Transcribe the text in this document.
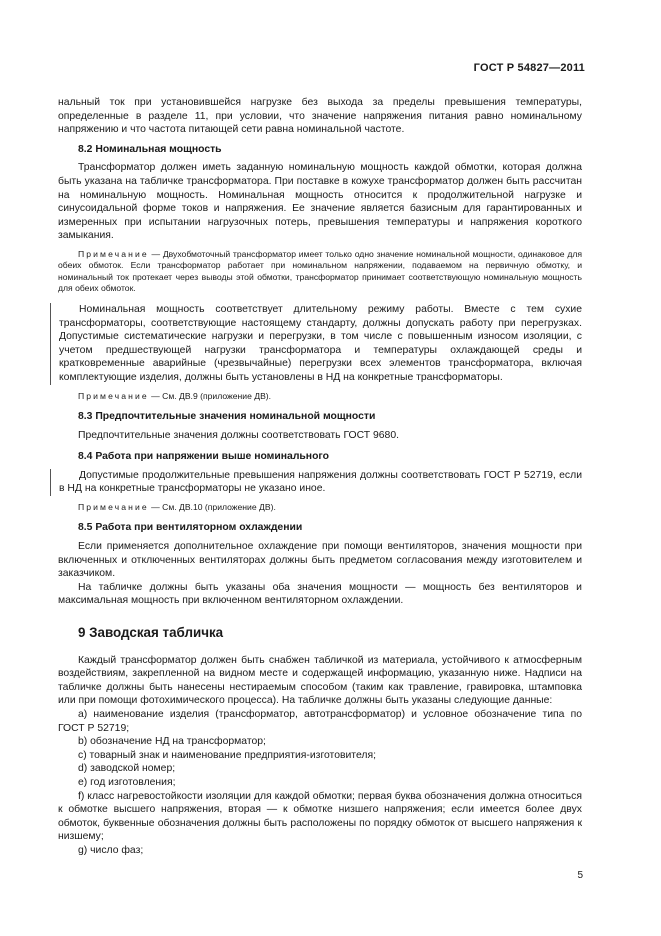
ГОСТ Р 54827—2011

нальный ток при установившейся нагрузке без выхода за пределы превышения температуры, определенные в разделе 11, при условии, что значение напряжения питания равно номинальному напряжению и что частота питающей сети равна номинальной частоте.

8.2 Номинальная мощность

Трансформатор должен иметь заданную номинальную мощность каждой обмотки, которая должна быть указана на табличке трансформатора. При поставке в кожухе трансформатор должен быть рассчитан на номинальную мощность. Номинальная мощность относится к продолжительной нагрузке и синусоидальной форме токов и напряжения. Ее значение является базисным для гарантированных и измеренных при испытании нагрузочных потерь, превышения температуры и напряжения короткого замыкания.

Примечание — Двухобмоточный трансформатор имеет только одно значение номинальной мощности, одинаковое для обеих обмоток. Если трансформатор работает при номинальном напряжении, подаваемом на первичную обмотку, и номинальный ток протекает через выводы этой обмотки, трансформатор принимает соответствующую номинальную мощность для обеих обмоток.

Номинальная мощность соответствует длительному режиму работы. Вместе с тем сухие трансформаторы, соответствующие настоящему стандарту, должны допускать работу при перегрузках. Допустимые систематические нагрузки и перегрузки, в том числе с повышенным износом изоляции, с учетом предшествующей нагрузки трансформатора и температуры охлаждающей среды и кратковременные аварийные (чрезвычайные) перегрузки всех элементов трансформатора, включая комплектующие изделия, должны быть установлены в НД на конкретные трансформаторы.

Примечание — См. ДВ.9 (приложение ДВ).
8.3 Предпочтительные значения номинальной мощности

Предпочтительные значения должны соответствовать ГОСТ 9680.

8.4 Работа при напряжении выше номинального

Допустимые продолжительные превышения напряжения должны соответствовать ГОСТ Р 52719, если в НД на конкретные трансформаторы не указано иное.

Примечание — См. ДВ.10 (приложение ДВ).
8.5 Работа при вентиляторном охлаждении

Если применяется дополнительное охлаждение при помощи вентиляторов, значения мощности при включенных и отключенных вентиляторах должны быть предметом согласования между изготовителем и заказчиком.

На табличке должны быть указаны оба значения мощности — мощность без вентиляторов и максимальная мощность при включенном вентиляторном охлаждении.

9 Заводская табличка

Каждый трансформатор должен быть снабжен табличкой из материала, устойчивого к атмосферным воздействиям, закрепленной на видном месте и содержащей информацию, указанную ниже. Надписи на табличке должны быть нанесены нестираемым способом (таким как травление, гравировка, штамповка или при помощи фотохимического процесса). На табличке должны быть указаны следующие данные:

a) наименование изделия (трансформатор, автотрансформатор) и условное обозначение типа по ГОСТ Р 52719;

b) обозначение НД на трансформатор;

c) товарный знак и наименование предприятия-изготовителя;

d) заводской номер;

e) год изготовления;

f) класс нагревостойкости изоляции для каждой обмотки; первая буква обозначения должна относиться к обмотке высшего напряжения, вторая — к обмотке низшего напряжения; если имеется более двух обмоток, буквенные обозначения должны быть расположены по порядку обмоток от высшего напряжения к низшему;

g) число фаз;

5
